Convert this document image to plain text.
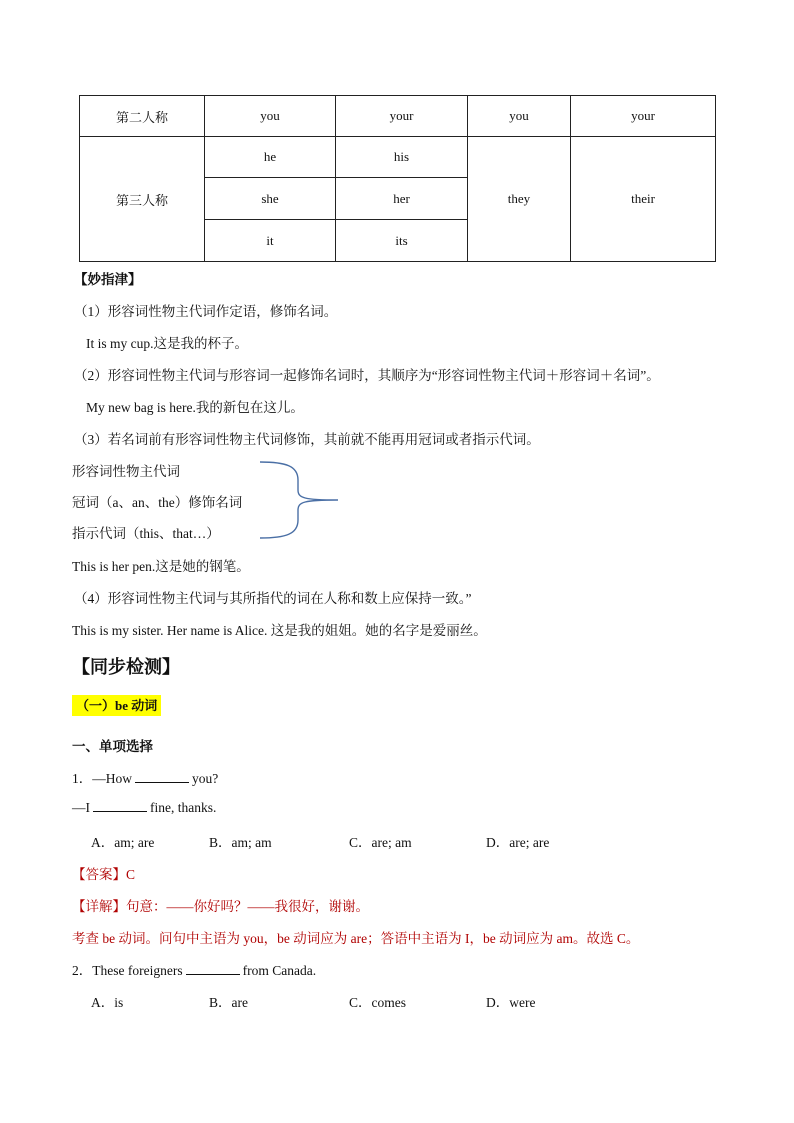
第二人称	you	your	you	your
第三人称	he	his	they	their
	she	her		
	it	its		
【妙指津】
（1）形容词性物主代词作定语，修饰名词。
It is my cup.这是我的杯子。
（2）形容词性物主代词与形容词一起修饰名词时，其顺序为“形容词性物主代词＋形容词＋名词”。
My new bag is here.我的新包在这儿。
（3）若名词前有形容词性物主代词修饰，其前就不能再用冠词或者指示代词。
形容词性物主代词
冠词（a、an、the）修饰名词
指示代词（this、that…）
This is her pen.这是她的钢笔。
（4）形容词性物主代词与其所指代的词在人称和数上应保持一致。”
This is my sister. Her name is Alice. 这是我的姐姐。她的名字是爱丽丝。
【同步检测】
（一）be 动词
一、单项选择
1．—How	you?
—I	fine, thanks.
A．am; are	B．am; am	C．are; am	D．are; are
【答案】C
【详解】句意：——你好吗？——我很好，谢谢。
考查 be 动词。问句中主语为 you，be 动词应为 are；答语中主语为 I，be 动词应为 am。故选 C。
2．These foreigners	from Canada.
A．is	B．are	C．comes	D．were
